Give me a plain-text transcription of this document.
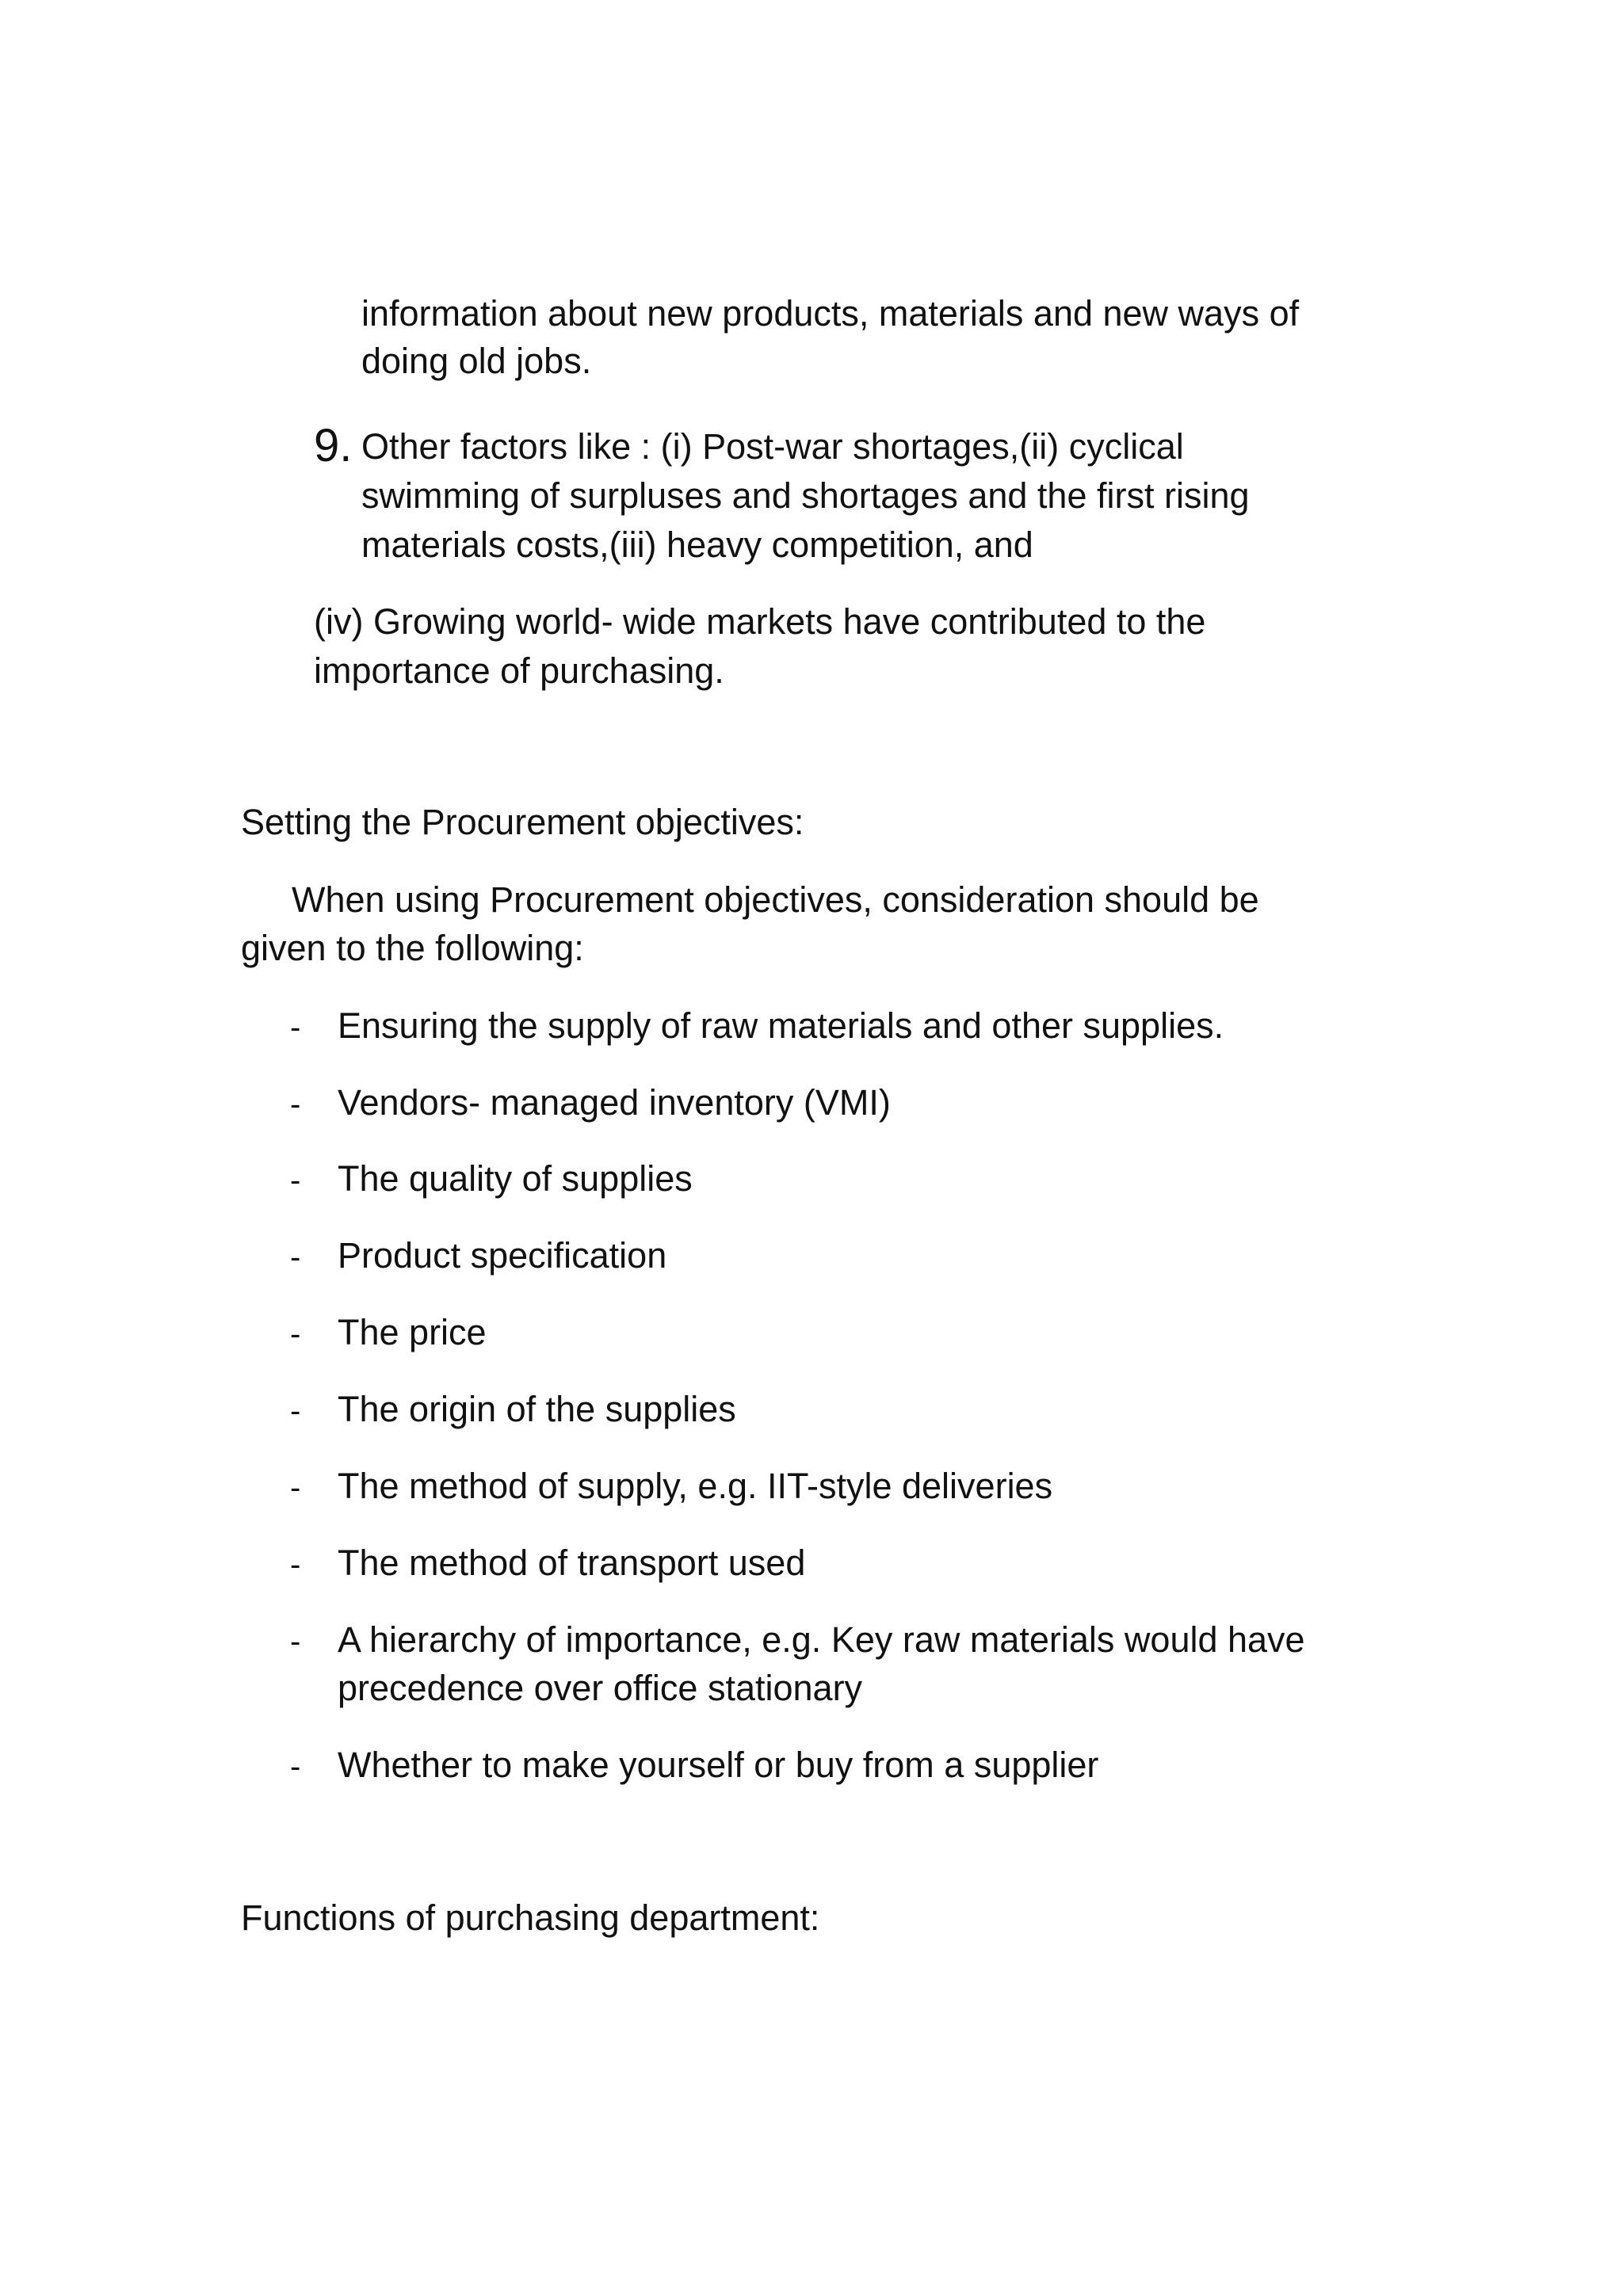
information about new products, materials and new ways of
doing old jobs.
9. Other factors like : (i) Post-war shortages,(ii) cyclical
swimming of surpluses and shortages and the first rising
materials costs,(iii) heavy competition, and
(iv) Growing world- wide markets have contributed to the
importance of purchasing.
Setting the Procurement objectives:
When using Procurement objectives, consideration should be
given to the following:
- Ensuring the supply of raw materials and other supplies.
- Vendors- managed inventory (VMI)
- The quality of supplies
- Product specification
- The price
- The origin of the supplies
- The method of supply, e.g. IIT-style deliveries
- The method of transport used
- A hierarchy of importance, e.g. Key raw materials would have
precedence over office stationary
- Whether to make yourself or buy from a supplier
Functions of purchasing department:
